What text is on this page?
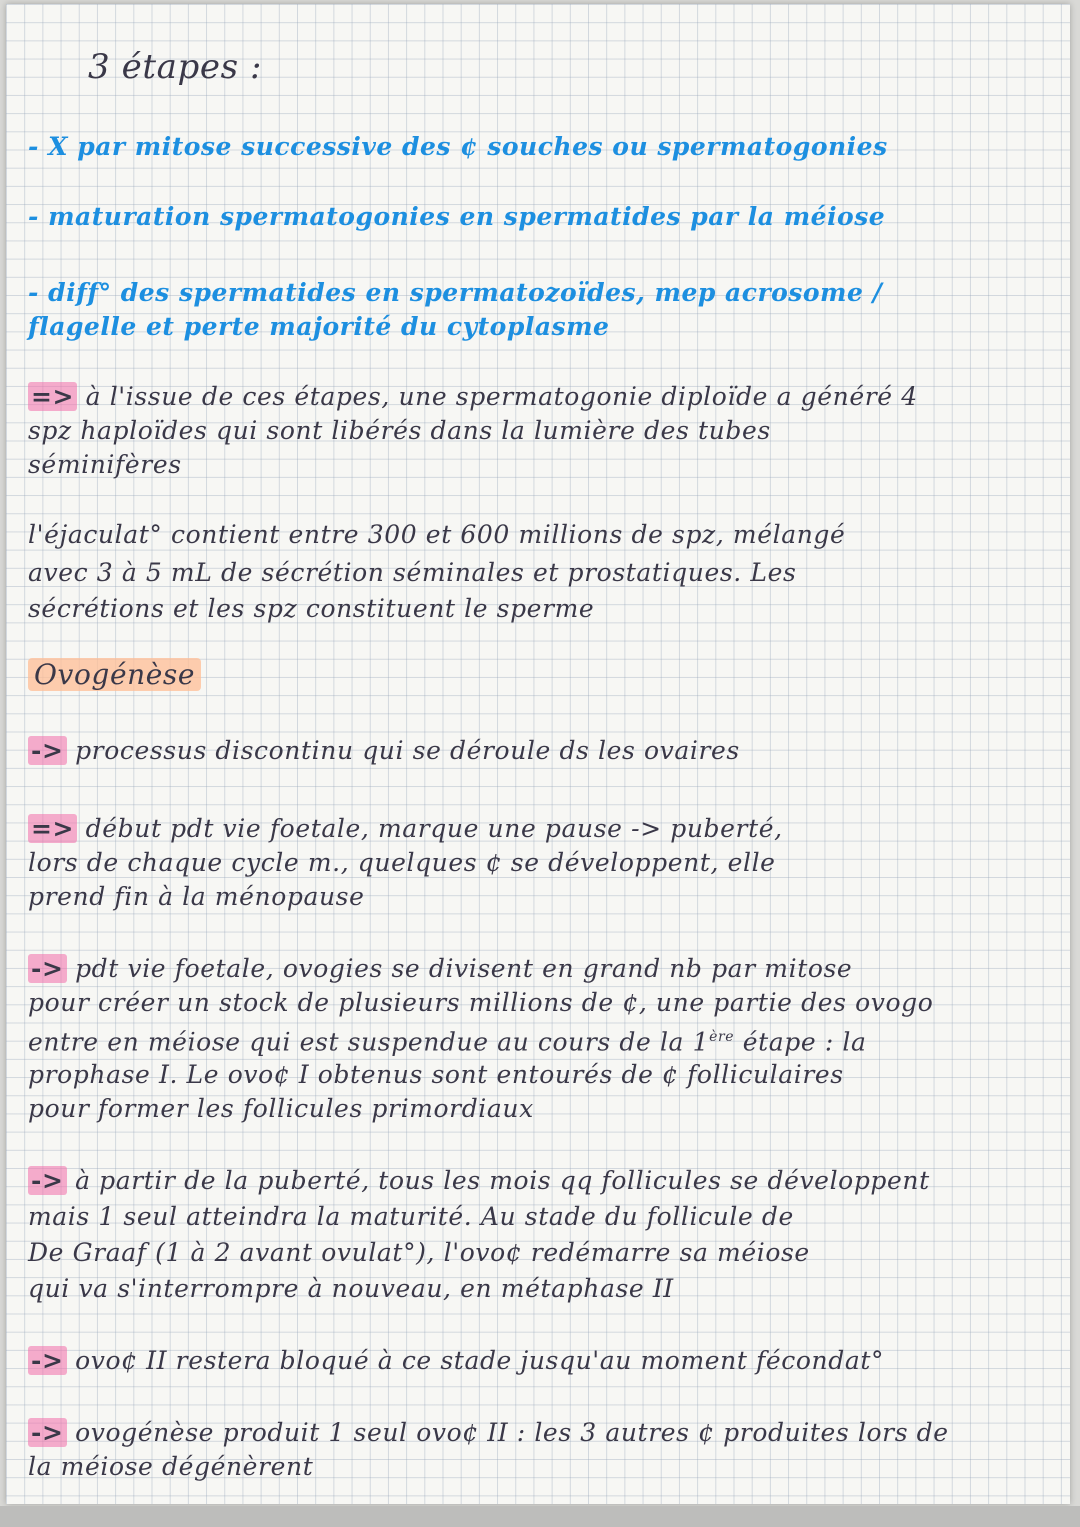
3 étapes :
- X par mitose successive des ¢ souches ou spermatogonies
- maturation spermatogonies en spermatides par la méiose
- diff° des spermatides en spermatozoïdes, mep acrosome /
flagelle et perte majorité du cytoplasme
=> à l'issue de ces étapes, une spermatogonie diploïde a généré 4
spz haploïdes qui sont libérés dans la lumière des tubes
séminifères
l'éjaculat° contient entre 300 et 600 millions de spz, mélangé
avec 3 à 5 mL de sécrétion séminales et prostatiques. Les
sécrétions et les spz constituent le sperme
Ovogénèse
-> processus discontinu qui se déroule ds les ovaires
=> début pdt vie foetale, marque une pause -> puberté,
lors de chaque cycle m., quelques ¢ se développent, elle
prend fin à la ménopause
-> pdt vie foetale, ovogies se divisent en grand nb par mitose
pour créer un stock de plusieurs millions de ¢, une partie des ovogo
entre en méiose qui est suspendue au cours de la 1ère étape : la
prophase I. Le ovo¢ I obtenus sont entourés de ¢ folliculaires
pour former les follicules primordiaux
-> à partir de la puberté, tous les mois qq follicules se développent
mais 1 seul atteindra la maturité. Au stade du follicule de
De Graaf (1 à 2 avant ovulat°), l'ovo¢ redémarre sa méiose
qui va s'interrompre à nouveau, en métaphase II
-> ovo¢ II restera bloqué à ce stade jusqu'au moment fécondat°
-> ovogénèse produit 1 seul ovo¢ II : les 3 autres ¢ produites lors de
la méiose dégénèrent
